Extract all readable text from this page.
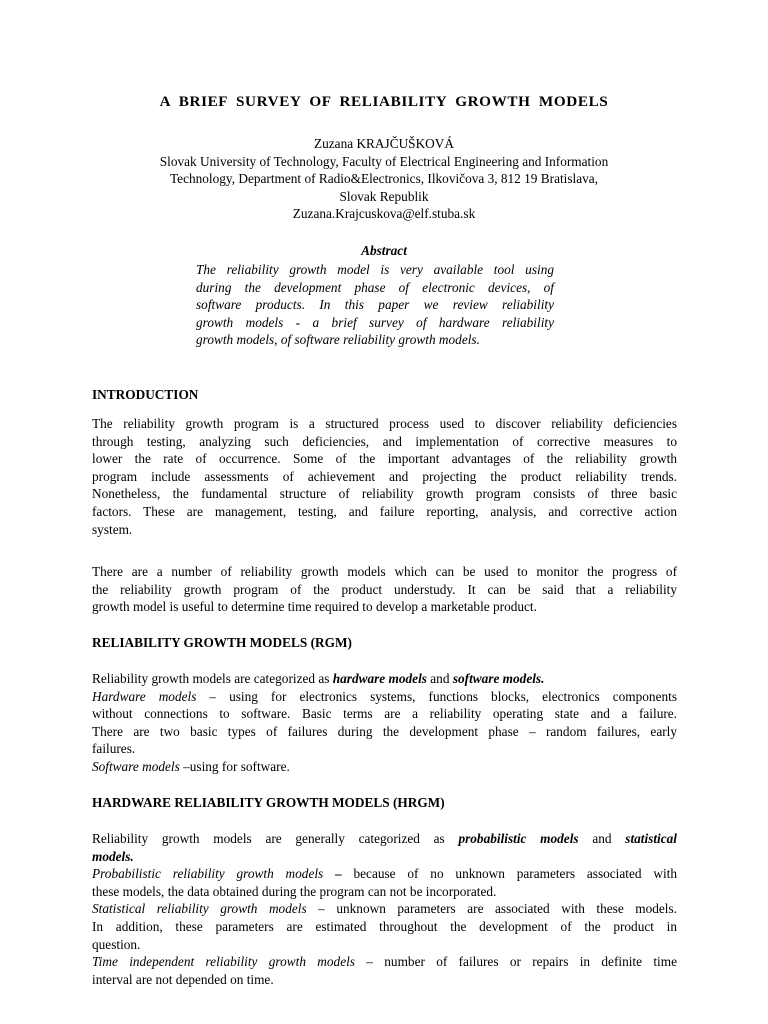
A BRIEF SURVEY OF RELIABILITY GROWTH MODELS
Zuzana KRAJČUŠKOVÁ
Slovak University of Technology, Faculty of Electrical Engineering and Information
Technology, Department of Radio&Electronics, Ilkovičova 3, 812 19 Bratislava,
Slovak Republik
Zuzana.Krajcuskova@elf.stuba.sk
Abstract
The reliability growth model is very available tool using
during the development phase of electronic devices, of
software products. In this paper we review reliability
growth models - a brief survey of hardware reliability
growth models, of software reliability growth models.
INTRODUCTION
The reliability growth program is a structured process used to discover reliability deficiencies
through testing, analyzing such deficiencies, and implementation of corrective measures to
lower the rate of occurrence. Some of the important advantages of the reliability growth
program include assessments of achievement and projecting the product reliability trends.
Nonetheless, the fundamental structure of reliability growth program consists of three basic
factors. These are management, testing, and failure reporting, analysis, and corrective action
system.
There are a number of reliability growth models which can be used to monitor the progress of
the reliability growth program of the product understudy. It can be said that a reliability
growth model is useful to determine time required to develop a marketable product.
RELIABILITY GROWTH MODELS (RGM)
Reliability growth models are categorized as hardware models and software models.
Hardware models – using for electronics systems, functions blocks, electronics components
without connections to software. Basic terms are a reliability operating state and a failure.
There are two basic types of failures during the development phase – random failures, early
failures.
Software models –using for software.
HARDWARE RELIABILITY GROWTH MODELS (HRGM)
Reliability growth models are generally categorized as probabilistic models and statistical
models.
Probabilistic reliability growth models – because of no unknown parameters associated with
these models, the data obtained during the program can not be incorporated.
Statistical reliability growth models – unknown parameters are associated with these models.
In addition, these parameters are estimated throughout the development of the product in
question.
Time independent reliability growth models – number of failures or repairs in definite time
interval are not depended on time.
